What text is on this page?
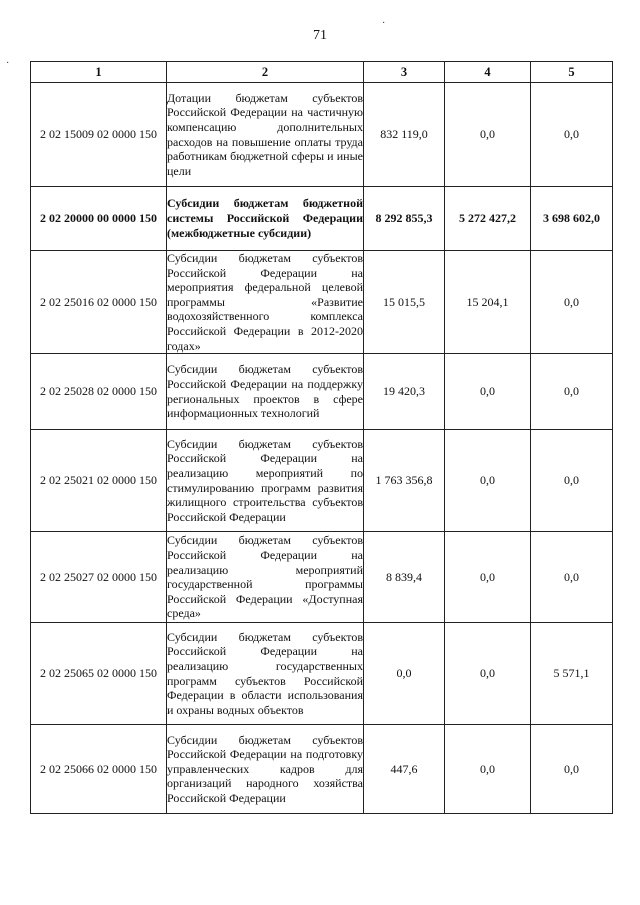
71
·
·
1	2	3	4	5
2 02 15009 02 0000 150	Дотации бюджетам субъектов Российской Федерации на частичную компенсацию дополнительных расходов на повышение оплаты труда работникам бюджетной сферы и иные цели	832 119,0	0,0	0,0
2 02 20000 00 0000 150	Субсидии бюджетам бюджетной системы Российской Федерации (межбюджетные субсидии)	8 292 855,3	5 272 427,2	3 698 602,0
2 02 25016 02 0000 150	Субсидии бюджетам субъектов Российской Федерации на мероприятия федеральной целевой программы «Развитие водохозяйственного комплекса Российской Федерации в 2012-2020 годах»	15 015,5	15 204,1	0,0
2 02 25028 02 0000 150	Субсидии бюджетам субъектов Российской Федерации на поддержку региональных проектов в сфере информационных технологий	19 420,3	0,0	0,0
2 02 25021 02 0000 150	Субсидии бюджетам субъектов Российской Федерации на реализацию мероприятий по стимулированию программ развития жилищного строительства субъектов Российской Федерации	1 763 356,8	0,0	0,0
2 02 25027 02 0000 150	Субсидии бюджетам субъектов Российской Федерации на реализацию мероприятий государственной программы Российской Федерации «Доступная среда»	8 839,4	0,0	0,0
2 02 25065 02 0000 150	Субсидии бюджетам субъектов Российской Федерации на реализацию государственных программ субъектов Российской Федерации в области использования и охраны водных объектов	0,0	0,0	5 571,1
2 02 25066 02 0000 150	Субсидии бюджетам субъектов Российской Федерации на подготовку управленческих кадров для организаций народного хозяйства Российской Федерации	447,6	0,0	0,0
